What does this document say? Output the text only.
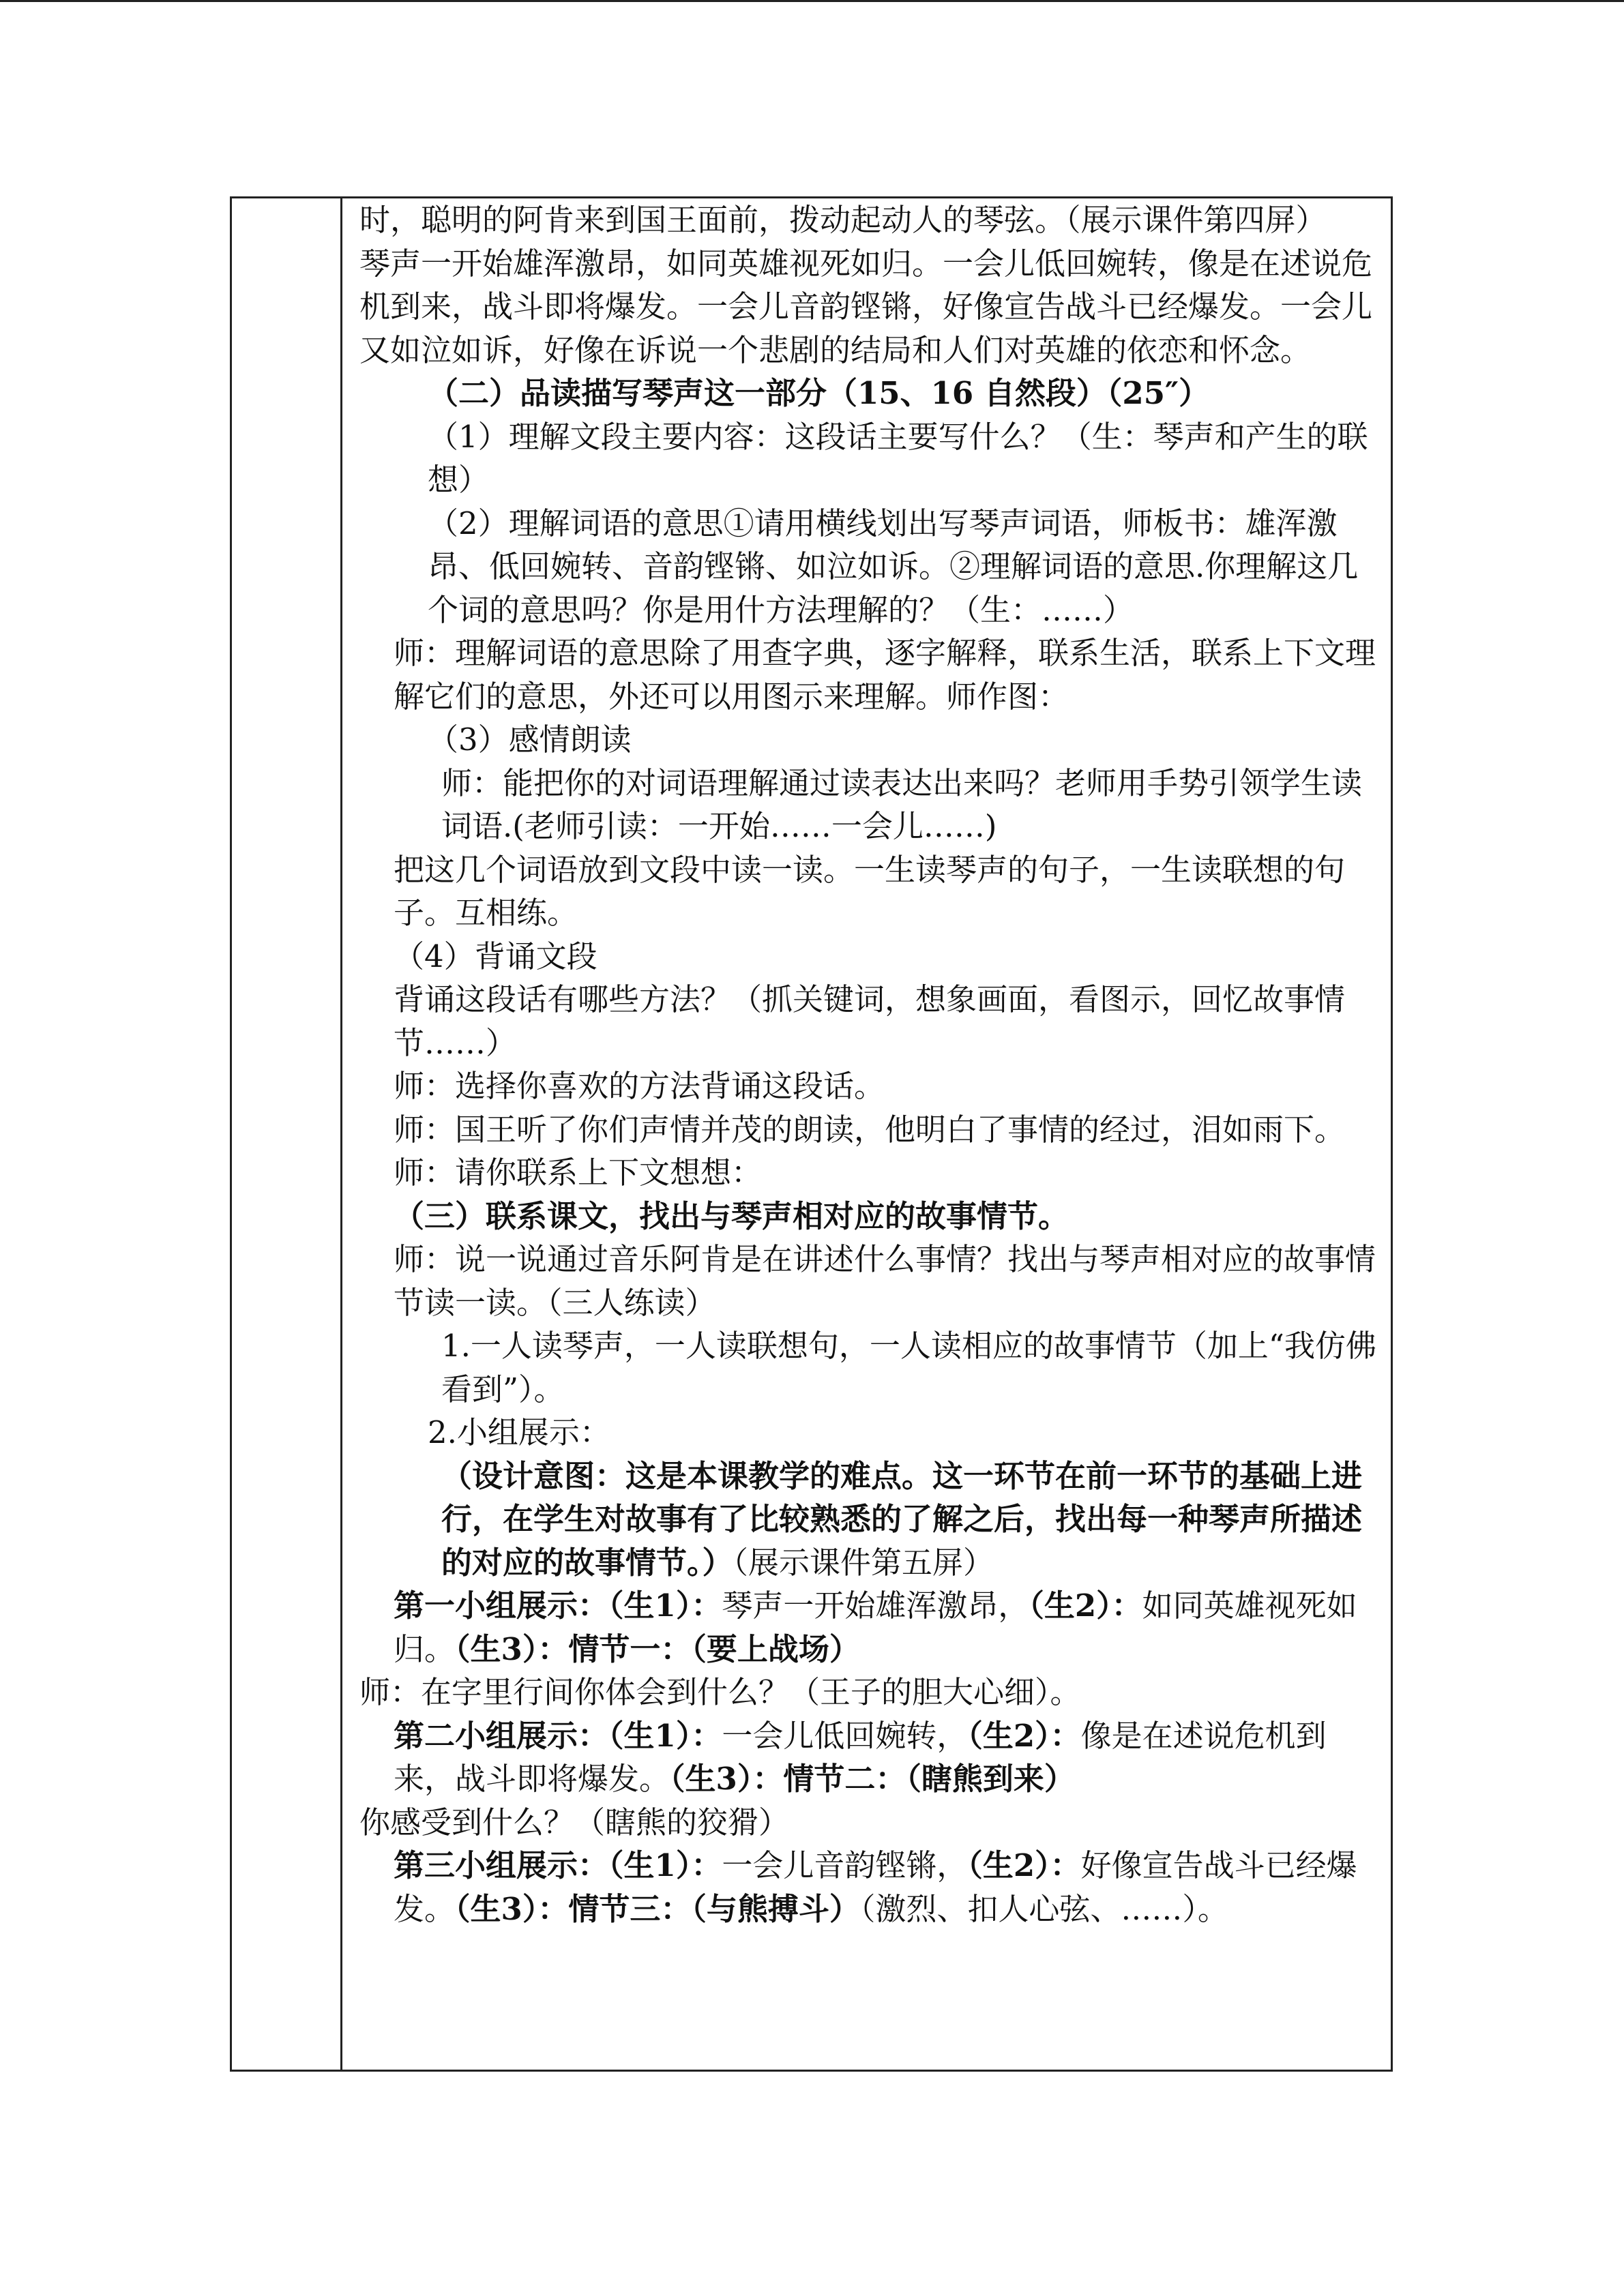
时，聪明的阿肯来到国王面前，拨动起动人的琴弦。（展示课件第四屏）

琴声一开始雄浑激昂，如同英雄视死如归。一会儿低回婉转，像是在述说危机到来，战斗即将爆发。一会儿音韵铿锵，好像宣告战斗已经爆发。一会儿又如泣如诉，好像在诉说一个悲剧的结局和人们对英雄的依恋和怀念。

（二）品读描写琴声这一部分（15、16 自然段）（25″）

（1）理解文段主要内容：这段话主要写什么？（生：琴声和产生的联想）

（2）理解词语的意思①请用横线划出写琴声词语，师板书：雄浑激昂、低回婉转、音韵铿锵、如泣如诉。②理解词语的意思.你理解这几个词的意思吗？你是用什方法理解的？（生：……）

师：理解词语的意思除了用查字典，逐字解释，联系生活，联系上下文理解它们的意思，外还可以用图示来理解。师作图：

（3）感情朗读

师：能把你的对词语理解通过读表达出来吗？老师用手势引领学生读词语.(老师引读：一开始……一会儿……)

把这几个词语放到文段中读一读。一生读琴声的句子，一生读联想的句子。互相练。

（4）背诵文段

背诵这段话有哪些方法？（抓关键词，想象画面，看图示，回忆故事情节……）

师：选择你喜欢的方法背诵这段话。

师：国王听了你们声情并茂的朗读，他明白了事情的经过，泪如雨下。

师：请你联系上下文想想：

（三）联系课文，找出与琴声相对应的故事情节。

师：说一说通过音乐阿肯是在讲述什么事情？找出与琴声相对应的故事情节读一读。（三人练读）

1.一人读琴声，一人读联想句，一人读相应的故事情节（加上“我仿佛看到”）。

2.小组展示：

（设计意图：这是本课教学的难点。这一环节在前一环节的基础上进行，在学生对故事有了比较熟悉的了解之后，找出每一种琴声所描述的对应的故事情节。）（展示课件第五屏）

第一小组展示：（生1）：琴声一开始雄浑激昂，（生2）：如同英雄视死如归。（生3）：情节一：（要上战场）

师：在字里行间你体会到什么？（王子的胆大心细）。

第二小组展示：（生1）：一会儿低回婉转，（生2）：像是在述说危机到来，战斗即将爆发。（生3）：情节二：（瞎熊到来）

你感受到什么？（瞎熊的狡猾）

第三小组展示：（生1）：一会儿音韵铿锵，（生2）：好像宣告战斗已经爆发。（生3）：情节三：（与熊搏斗）（激烈、扣人心弦、……）。
